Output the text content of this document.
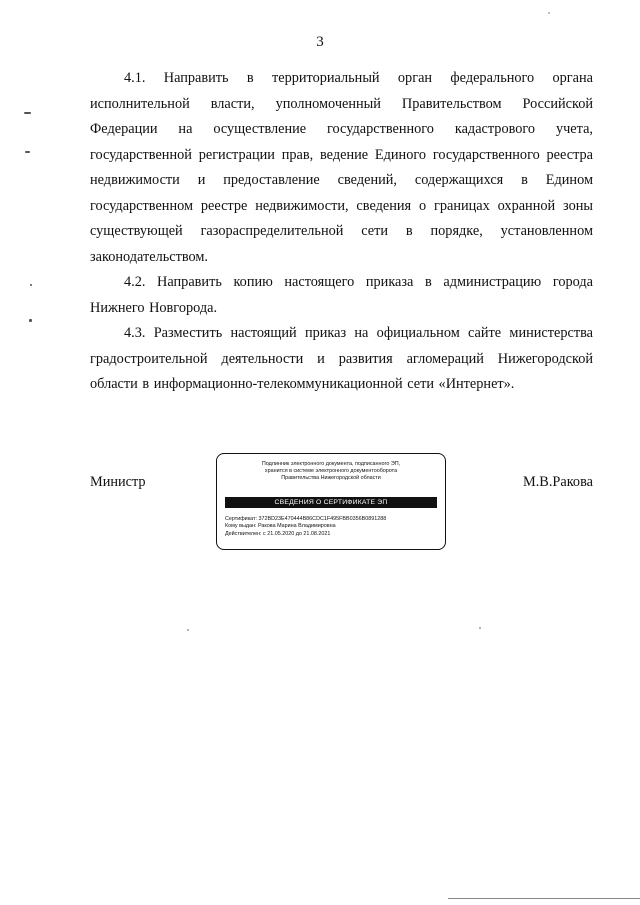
3

4.1. Направить в территориальный орган федерального органа исполнительной власти, уполномоченный Правительством Российской Федерации на осуществление государственного кадастрового учета, государственной регистрации прав, ведение Единого государственного реестра недвижимости и предоставление сведений, содержащихся в Едином государственном реестре недвижимости, сведения о границах охранной зоны существующей газораспределительной сети в порядке, установленном законодательством.

4.2. Направить копию настоящего приказа в администрацию города Нижнего Новгорода.

4.3. Разместить настоящий приказ на официальном сайте министерства градостроительной деятельности и развития агломераций Нижегородской области в информационно-телекоммуникационной сети «Интернет».

Министр	М.В.Ракова
Подлинник электронного документа, подписанного ЭП,
хранится в системе электронного документооборота
Правительства Нижегородской области
СВЕДЕНИЯ О СЕРТИФИКАТЕ ЭП
Сертификат: 372BD23E470444B86CDC1F495FBB0356B0891288
Кому выдан: Ракова Марина Владимировна
Действителен: с 21.05.2020 до 21.08.2021
